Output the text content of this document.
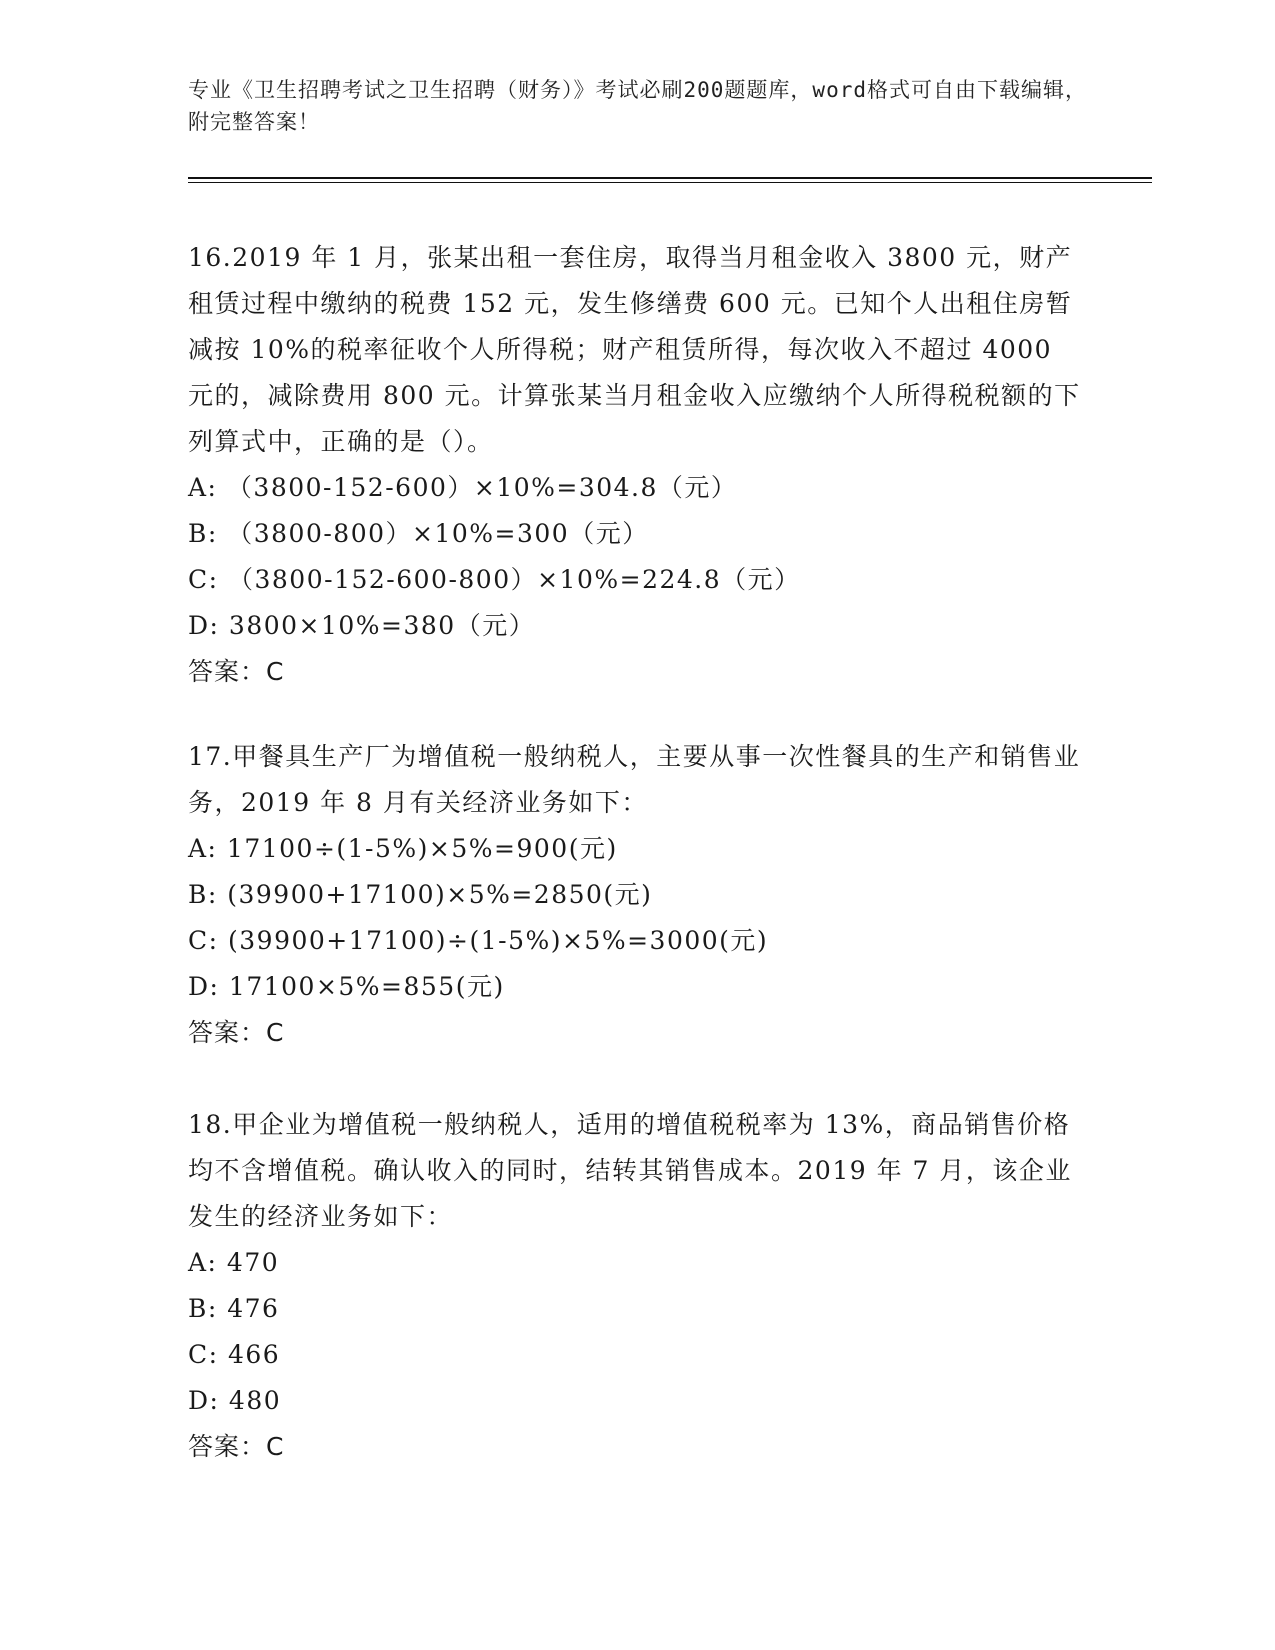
专业《卫生招聘考试之卫生招聘（财务）》考试必刷200题题库，word格式可自由下载编辑，附完整答案！

16.2019 年 1 月，张某出租一套住房，取得当月租金收入 3800 元，财产租赁过程中缴纳的税费 152 元，发生修缮费 600 元。已知个人出租住房暂减按 10%的税率征收个人所得税；财产租赁所得，每次收入不超过 4000 元的，减除费用 800 元。计算张某当月租金收入应缴纳个人所得税税额的下列算式中，正确的是（）。

A: （3800-152-600）×10%=304.8（元）

B: （3800-800）×10%=300（元）

C: （3800-152-600-800）×10%=224.8（元）

D: 3800×10%=380（元）

答案：C

17.甲餐具生产厂为增值税一般纳税人，主要从事一次性餐具的生产和销售业务，2019 年 8 月有关经济业务如下：

A: 17100÷(1-5%)×5%=900(元)

B: (39900+17100)×5%=2850(元)

C: (39900+17100)÷(1-5%)×5%=3000(元)

D: 17100×5%=855(元)

答案：C

18.甲企业为增值税一般纳税人，适用的增值税税率为 13%，商品销售价格均不含增值税。确认收入的同时，结转其销售成本。2019 年 7 月，该企业发生的经济业务如下：

A: 470

B: 476

C: 466

D: 480

答案：C
